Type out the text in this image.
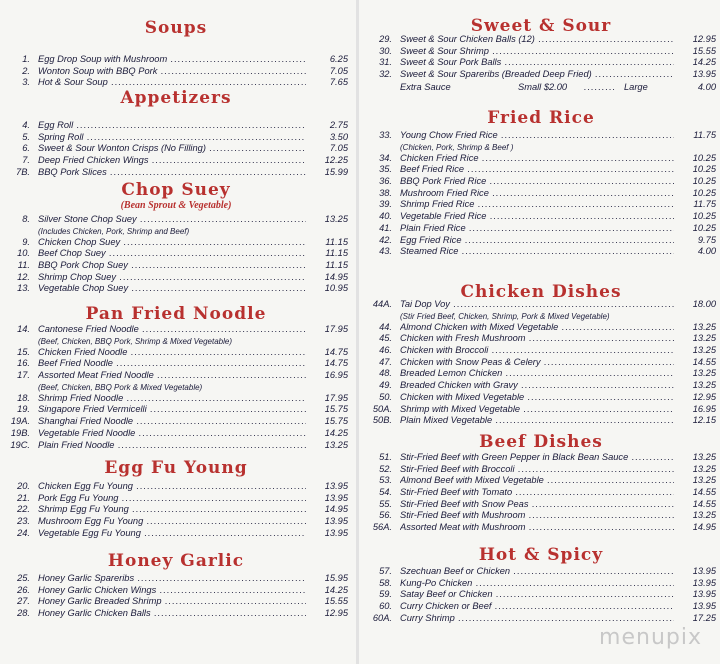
Soups
1. Egg Drop Soup with Mushroom .....	6.25
2. Wonton Soup with BBQ Pork .....	7.05
3. Hot & Sour Soup .....	7.65
Appetizers
4. Egg Roll .....	2.75
5. Spring Roll .....	3.50
6. Sweet & Sour Wonton Crisps (No Filling) .....	7.05
7. Deep Fried Chicken Wings .....	12.25
7B. BBQ Pork Slices .....	15.99
Chop Suey
(Bean Sprout & Vegetable)
8. Silver Stone Chop Suey .....	13.25
(Includes Chicken, Pork, Shrimp and Beef)
9. Chicken Chop Suey .....	11.15
10. Beef Chop Suey .....	11.15
11. BBQ Pork Chop Suey .....	11.15
12. Shrimp Chop Suey .....	14.95
13. Vegetable Chop Suey .....	10.95
Pan Fried Noodle
14. Cantonese Fried Noodle .....	17.95
(Beef, Chicken, BBQ Pork, Shrimp & Mixed Vegetable)
15. Chicken Fried Noodle .....	14.75
16. Beef Fried Noodle .....	14.75
17. Assorted Meat Fried Noodle .....	16.95
(Beef, Chicken, BBQ Pork & Mixed Vegetable)
18. Shrimp Fried Noodle .....	17.95
19. Singapore Fried Vermicelli .....	15.75
19A. Shanghai Fried Noodle .....	15.75
19B. Vegetable Fried Noodle .....	14.25
19C. Plain Fried Noodle .....	13.25
Egg Fu Young
20. Chicken Egg Fu Young .....	13.95
21. Pork Egg Fu Young .....	13.95
22. Shrimp Egg Fu Young .....	14.95
23. Mushroom Egg Fu Young .....	13.95
24. Vegetable Egg Fu Young .....	13.95
Honey Garlic
25. Honey Garlic Spareribs .....	15.95
26. Honey Garlic Chicken Wings .....	14.25
27. Honey Garlic Breaded Shrimp .....	15.55
28. Honey Garlic Chicken Balls .....	12.95
Sweet & Sour
29. Sweet & Sour Chicken Balls (12) .....	12.95
30. Sweet & Sour Shrimp .....	15.55
31. Sweet & Sour Pork Balls .....	14.25
32. Sweet & Sour Spareribs (Breaded Deep Fried) .....	13.95
Extra Sauce	Small $2.00 ......... Large	4.00
Fried Rice
33. Young Chow Fried Rice .....	11.75
(Chicken, Pork, Shrimp & Beef )
34. Chicken Fried Rice .....	10.25
35. Beef Fried Rice .....	10.25
36. BBQ Pork Fried Rice .....	10.25
38. Mushroom Fried Rice .....	10.25
39. Shrimp Fried Rice .....	11.75
40. Vegetable Fried Rice .....	10.25
41. Plain Fried Rice .....	10.25
42. Egg Fried Rice .....	9.75
43. Steamed Rice .....	4.00
Chicken Dishes
44A. Tai Dop Voy .....	18.00
(Stir Fried Beef, Chicken, Shrimp, Pork & Mixed Vegetable)
44. Almond Chicken with Mixed Vegetable .....	13.25
45. Chicken with Fresh Mushroom .....	13.25
46. Chicken with Broccoli .....	13.25
47. Chicken with Snow Peas & Celery .....	14.55
48. Breaded Lemon Chicken .....	13.25
49. Breaded Chicken with Gravy .....	13.25
50. Chicken with Mixed Vegetable .....	12.95
50A. Shrimp with Mixed Vegetable .....	16.95
50B. Plain Mixed Vegetable .....	12.15
Beef Dishes
51. Stir-Fried Beef with Green Pepper in Black Bean Sauce .....	13.25
52. Stir-Fried Beef with Broccoli .....	13.25
53. Almond Beef with Mixed Vegetable .....	13.25
54. Stir-Fried Beef with Tomato .....	14.55
55. Stir-Fried Beef with Snow Peas .....	14.55
56. Stir-Fried Beef with Mushroom .....	13.25
56A. Assorted Meat with Mushroom .....	14.95
Hot & Spicy
57. Szechuan Beef or Chicken .....	13.95
58. Kung-Po Chicken .....	13.95
59. Satay Beef or Chicken .....	13.95
60. Curry Chicken or Beef .....	13.95
60A. Curry Shrimp .....	17.25
menupix
